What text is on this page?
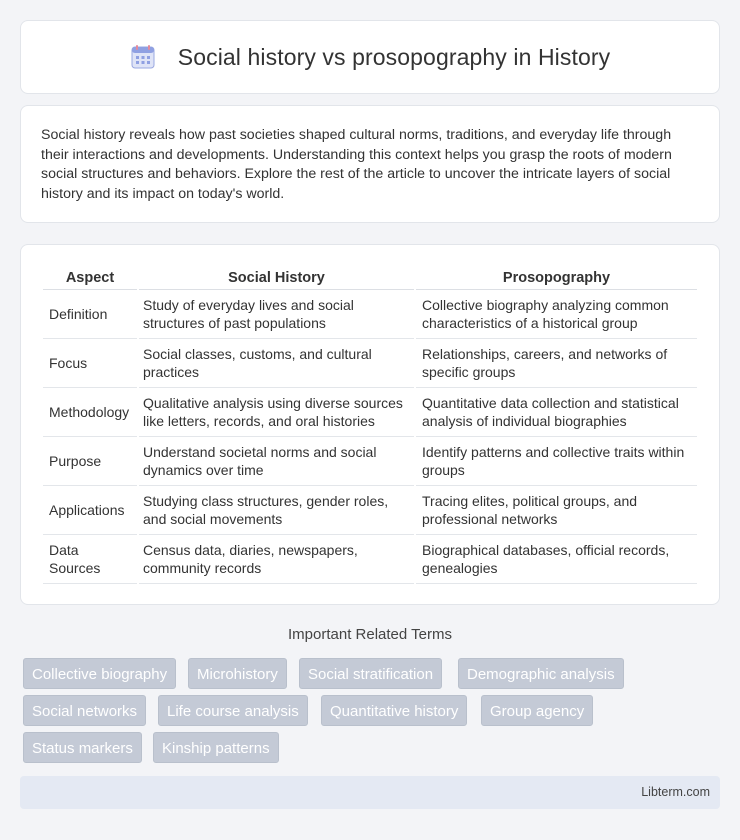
Social history vs prosopography in History

Social history reveals how past societies shaped cultural norms, traditions, and everyday life through their interactions and developments. Understanding this context helps you grasp the roots of modern social structures and behaviors. Explore the rest of the article to uncover the intricate layers of social history and its impact on today's world.

Aspect	Social History	Prosopography
Definition	Study of everyday lives and social structures of past populations	Collective biography analyzing common characteristics of a historical group
Focus	Social classes, customs, and cultural practices	Relationships, careers, and networks of specific groups
Methodology	Qualitative analysis using diverse sources like letters, records, and oral histories	Quantitative data collection and statistical analysis of individual biographies
Purpose	Understand societal norms and social dynamics over time	Identify patterns and collective traits within groups
Applications	Studying class structures, gender roles, and social movements	Tracing elites, political groups, and professional networks
Data Sources	Census data, diaries, newspapers, community records	Biographical databases, official records, genealogies
Important Related Terms
Collective biography	Microhistory	Social stratification	Demographic analysis
Social networks	Life course analysis	Quantitative history	Group agency
Status markers	Kinship patterns
Libterm.com
